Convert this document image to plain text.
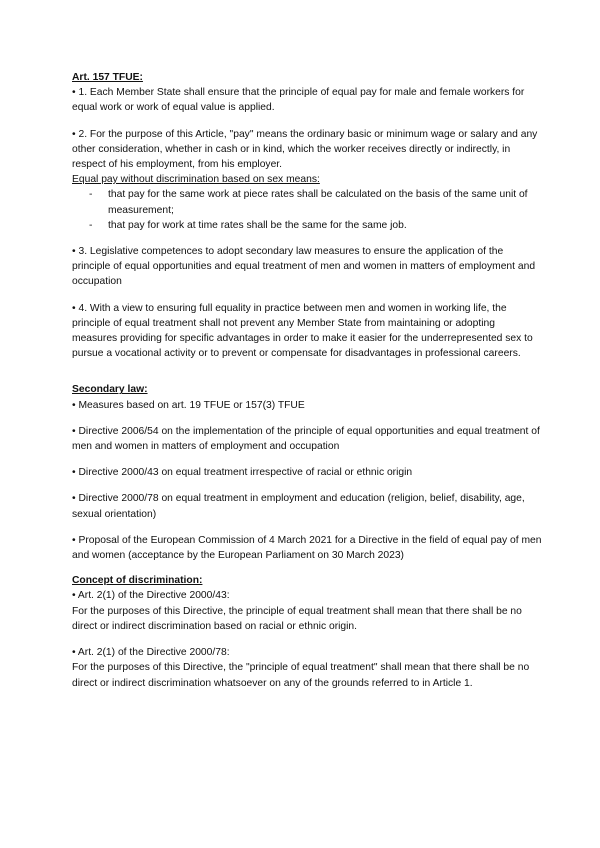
Art. 157 TFUE:

• 1. Each Member State shall ensure that the principle of equal pay for male and female workers for equal work or work of equal value is applied.

• 2. For the purpose of this Article, "pay" means the ordinary basic or minimum wage or salary and any other consideration, whether in cash or in kind, which the worker receives directly or indirectly, in respect of his employment, from his employer.

Equal pay without discrimination based on sex means:

- that pay for the same work at piece rates shall be calculated on the basis of the same unit of measurement;
- that pay for work at time rates shall be the same for the same job.

• 3. Legislative competences to adopt secondary law measures to ensure the application of the principle of equal opportunities and equal treatment of men and women in matters of employment and occupation

• 4. With a view to ensuring full equality in practice between men and women in working life, the principle of equal treatment shall not prevent any Member State from maintaining or adopting measures providing for specific advantages in order to make it easier for the underrepresented sex to pursue a vocational activity or to prevent or compensate for disadvantages in professional careers.

Secondary law:

• Measures based on art. 19 TFUE or 157(3) TFUE

• Directive 2006/54 on the implementation of the principle of equal opportunities and equal treatment of men and women in matters of employment and occupation

• Directive 2000/43 on equal treatment irrespective of racial or ethnic origin

• Directive 2000/78 on equal treatment in employment and education (religion, belief, disability, age, sexual orientation)

• Proposal of the European Commission of 4 March 2021 for a Directive in the field of equal pay of men and women (acceptance by the European Parliament on 30 March 2023)

Concept of discrimination:

• Art. 2(1) of the Directive 2000/43:

For the purposes of this Directive, the principle of equal treatment shall mean that there shall be no direct or indirect discrimination based on racial or ethnic origin.

• Art. 2(1) of the Directive 2000/78:

For the purposes of this Directive, the "principle of equal treatment" shall mean that there shall be no direct or indirect discrimination whatsoever on any of the grounds referred to in Article 1.
